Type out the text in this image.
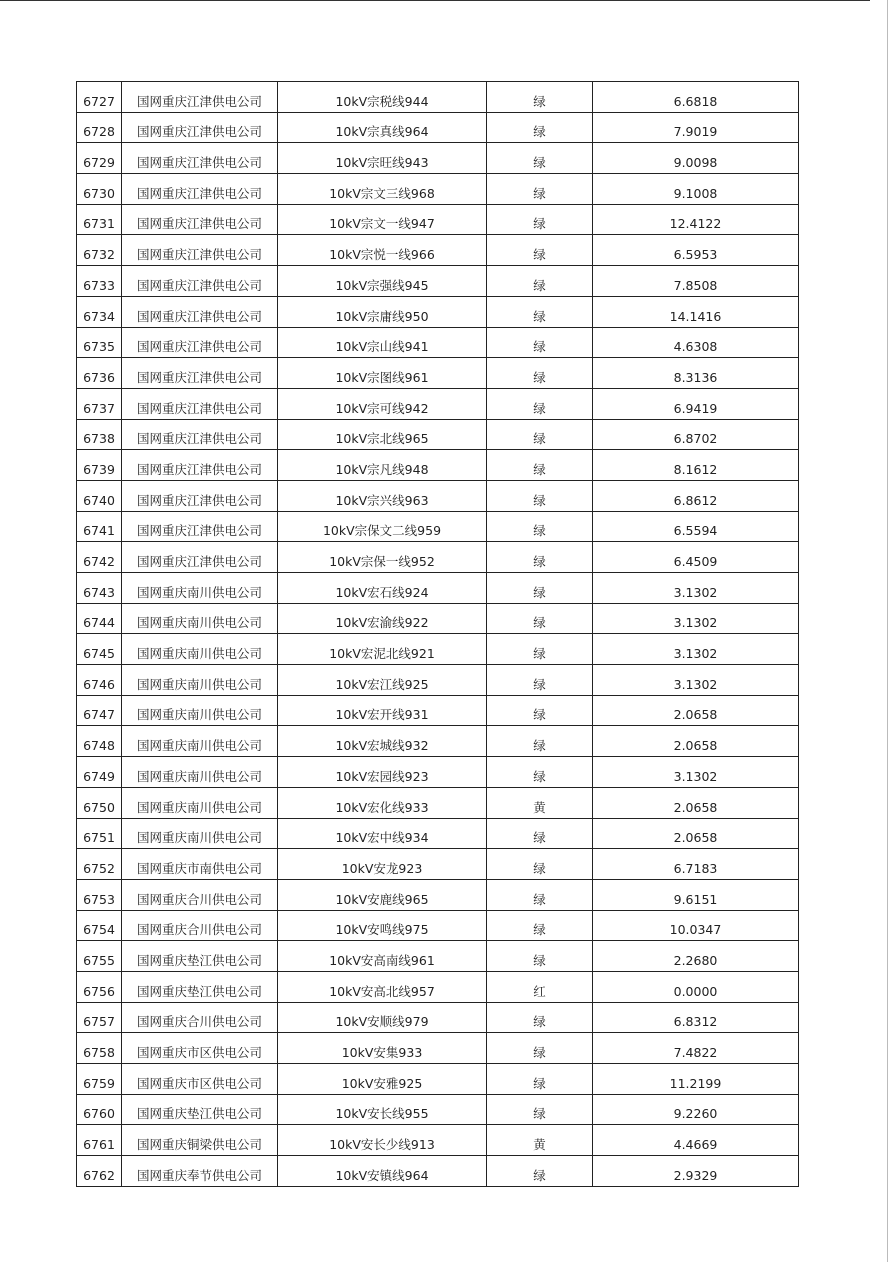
6727	国网重庆江津供电公司	10kV宗税线944	绿	6.6818
6728	国网重庆江津供电公司	10kV宗真线964	绿	7.9019
6729	国网重庆江津供电公司	10kV宗旺线943	绿	9.0098
6730	国网重庆江津供电公司	10kV宗文三线968	绿	9.1008
6731	国网重庆江津供电公司	10kV宗文一线947	绿	12.4122
6732	国网重庆江津供电公司	10kV宗悦一线966	绿	6.5953
6733	国网重庆江津供电公司	10kV宗强线945	绿	7.8508
6734	国网重庆江津供电公司	10kV宗庸线950	绿	14.1416
6735	国网重庆江津供电公司	10kV宗山线941	绿	4.6308
6736	国网重庆江津供电公司	10kV宗图线961	绿	8.3136
6737	国网重庆江津供电公司	10kV宗可线942	绿	6.9419
6738	国网重庆江津供电公司	10kV宗北线965	绿	6.8702
6739	国网重庆江津供电公司	10kV宗凡线948	绿	8.1612
6740	国网重庆江津供电公司	10kV宗兴线963	绿	6.8612
6741	国网重庆江津供电公司	10kV宗保文二线959	绿	6.5594
6742	国网重庆江津供电公司	10kV宗保一线952	绿	6.4509
6743	国网重庆南川供电公司	10kV宏石线924	绿	3.1302
6744	国网重庆南川供电公司	10kV宏渝线922	绿	3.1302
6745	国网重庆南川供电公司	10kV宏泥北线921	绿	3.1302
6746	国网重庆南川供电公司	10kV宏江线925	绿	3.1302
6747	国网重庆南川供电公司	10kV宏开线931	绿	2.0658
6748	国网重庆南川供电公司	10kV宏城线932	绿	2.0658
6749	国网重庆南川供电公司	10kV宏园线923	绿	3.1302
6750	国网重庆南川供电公司	10kV宏化线933	黄	2.0658
6751	国网重庆南川供电公司	10kV宏中线934	绿	2.0658
6752	国网重庆市南供电公司	10kV安龙923	绿	6.7183
6753	国网重庆合川供电公司	10kV安鹿线965	绿	9.6151
6754	国网重庆合川供电公司	10kV安鸣线975	绿	10.0347
6755	国网重庆垫江供电公司	10kV安高南线961	绿	2.2680
6756	国网重庆垫江供电公司	10kV安高北线957	红	0.0000
6757	国网重庆合川供电公司	10kV安顺线979	绿	6.8312
6758	国网重庆市区供电公司	10kV安集933	绿	7.4822
6759	国网重庆市区供电公司	10kV安雅925	绿	11.2199
6760	国网重庆垫江供电公司	10kV安长线955	绿	9.2260
6761	国网重庆铜梁供电公司	10kV安长少线913	黄	4.4669
6762	国网重庆奉节供电公司	10kV安镇线964	绿	2.9329
